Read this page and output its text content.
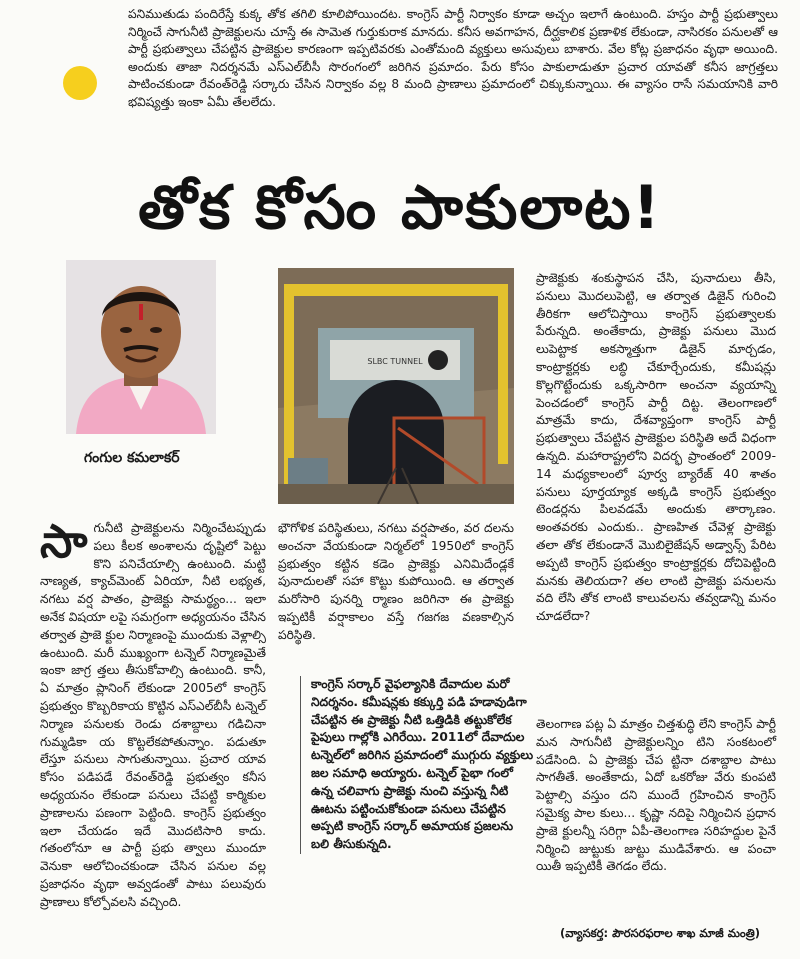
పనిముతుడు పందిరేస్తే కుక్క తోక తగిలి కూలిపోయిందట. కాంగ్రెస్ పార్టీ నిర్వాకం కూడా అచ్చం ఇలాగే ఉంటుంది. హస్తం పార్టీ ప్రభుత్వాలు నిర్మించే సాగునీటి ప్రాజెక్టులను చూస్తే ఈ సామెత గుర్తుకురాక మానదు. కనీస అవగాహన, దీర్ఘకాలిక ప్రణాళిక లేకుండా, నాసిరకం పనులతో ఆ పార్టీ ప్రభుత్వాలు చేపట్టిన ప్రాజెక్టుల కారణంగా ఇప్పటివరకు ఎంతోమంది వ్యక్తులు అసువులు బాశారు. వేల కోట్ల ప్రజాధనం వృథా అయింది. అందుకు తాజా నిదర్శనమే ఎస్ఎల్‌బీసీ సొరంగంలో జరిగిన ప్రమాదం. పేరు కోసం పాకులాడుతూ ప్రచార యావతో కనీస జాగ్రత్తలు పాటించకుండా రేవంత్‌రెడ్డి సర్కారు చేసిన నిర్వాకం వల్ల 8 మంది ప్రాణాలు ప్రమాదంలో చిక్కుకున్నాయి. ఈ వ్యాసం రాసే సమయానికి వారి భవిష్యత్తు ఇంకా ఏమీ తేలలేదు.
తోక కోసం పాకులాట!
గంగుల కమలాకర్
SLBC TUNNEL
సాగునీటి ప్రాజెక్టులను నిర్మించేటప్పుడు పలు కీలక అంశాలను దృష్టిలో పెట్టు కొని పనిచేయాల్సి ఉంటుంది. మట్టి నాణ్యత, క్యాచ్‌మెంట్ ఏరియా, నీటి లభ్యత, నగటు వర్ష పాతం, ప్రాజెక్టు సామర్థ్యం... ఇలా అనేక విషయా లపై సమగ్రంగా అధ్యయనం చేసిన తర్వాత ప్రాజె క్టుల నిర్మాణంపై ముందుకు వెళ్లాల్సి ఉంటుంది. మరీ ముఖ్యంగా టన్నెల్ నిర్మాణమైతే ఇంకా జాగ్ర త్తలు తీసుకోవాల్సి ఉంటుంది. కానీ, ఏ మాత్రం ప్లానింగ్ లేకుండా 2005లో కాంగ్రెస్ ప్రభుత్వం కొబ్బరికాయ కొట్టిన ఎస్ఎల్‌బీసీ టన్నెల్ నిర్మాణ పనులకు రెండు దశాబ్దాలు గడిచినా గుమ్మడికా య కొట్టలేకపోతున్నాం. పడుతూ లేస్తూ పనులు సాగుతున్నాయి. ప్రచార యావ కోసం పడిపడే రేవంత్‌రెడ్డి ప్రభుత్వం కనీస అధ్యయనం లేకుండా పనులు చేపట్టి కార్మికుల ప్రాణాలను పణంగా పెట్టింది. కాంగ్రెస్ ప్రభుత్వం ఇలా చేయడం ఇదే మొదటిసారి కాదు. గతంలోనూ ఆ పార్టీ ప్రభు త్వాలు ముందూ వెనుకా ఆలోచించకుండా చేసిన పనుల వల్ల ప్రజాధనం వృథా అవ్వడంతో పాటు పలువురు ప్రాణాలు కోల్పోవలసి వచ్చింది.

భౌగోళిక పరిస్థితులు, నగటు వర్షపాతం, వర దలను అంచనా వేయకుండా నిర్మల్‌లో 1950లో కాంగ్రెస్ ప్రభుత్వం కట్టిన కడెం ప్రాజెక్టు ఎనిమిదేండ్లకే పునాదులతో సహా కొట్టు కుపోయింది. ఆ తర్వాత మరోసారి పునర్ని ర్మాణం జరిగినా ఈ ప్రాజెక్టు ఇప్పటికీ వర్షాకాలం వస్తే గజగజ వణకాల్సిన పరిస్థితి.

కాంగ్రెస్ సర్కార్ వైఫల్యానికి దేవాదుల మరో నిదర్శనం. కమీషన్లకు కక్కుర్తి పడి హడావుడిగా చేపట్టిన ఈ ప్రాజెక్టు నీటి ఒత్తిడికి తట్టుకోలేక పైపులు గాల్లోకి ఎగిరేయి. 2011లో దేవాదుల టన్నెల్‌లో జరిగిన ప్రమాదంలో ముగ్గురు వ్యక్తులు జల సమాధి అయ్యారు. టన్నెల్ పైభా గంలో ఉన్న చలివాగు ప్రాజెక్టు నుంచి వస్తున్న నీటి ఊటను పట్టించుకోకుండా పనులు చేపట్టిన అప్పటి కాంగ్రెస్ సర్కార్ అమాయక ప్రజలను బలి తీసుకున్నది.

ప్రాజెక్టుకు శంకుస్థాపన చేసి, పునాదులు తీసి, పనులు మొదలుపెట్టి, ఆ తర్వాత డిజైన్ గురించి తీరికగా ఆలోచిస్తాయి కాంగ్రెస్ ప్రభుత్వాలకు పేరున్నది. అంతేకాదు, ప్రాజెక్టు పనులు మొద లుపెట్టాక అకస్మాత్తుగా డిజైన్ మార్చడం, కాంట్రాక్టర్లకు లబ్ధి చేకూర్చేందుకు, కమీషన్లు కొల్లగొట్టేందుకు ఒక్కసారిగా అంచనా వ్యయాన్ని పెంచడంలో కాంగ్రెస్ పార్టీ దిట్ట. తెలంగాణలో మాత్రమే కాదు, దేశవ్యాప్తంగా కాంగ్రెస్ పార్టీ ప్రభుత్వాలు చేపట్టిన ప్రాజెక్టుల పరిస్థితి అదే విధంగా ఉన్నది. మహారాష్ట్రలోని విదర్భ ప్రాంతంలో 2009-14 మధ్యకాలంలో పూర్వ బ్యారేజ్ 40 శాతం పనులు పూర్తయ్యాక అక్కడి కాంగ్రెస్ ప్రభుత్వం టెండర్లను పిలవడమే అందుకు తార్కాణం. అంతవరకు ఎందుకు.. ప్రాణహిత చేవెళ్ల ప్రాజెక్టు తలా తోక లేకుండానే మొబిలైజేషన్ అడ్వాన్స్ పేరిట అప్పటి కాంగ్రెస్ ప్రభుత్వం కాంట్రాక్టర్లకు దోచిపెట్టింది మనకు తెలియదా? తల లాంటి ప్రాజెక్టు పనులను వది లేసి తోక లాంటి కాలువలను తవ్వడాన్ని మనం చూడలేదా?

తెలంగాణ పట్ల ఏ మాత్రం చిత్తశుద్ధి లేని కాంగ్రెస్ పార్టీ మన సాగునీటి ప్రాజెక్టులన్నిం టిని సంకటంలో పడేసింది. ఏ ప్రాజెక్టు చేప ట్టినా దశాబ్దాల పాటు సాగతీతే. అంతేకాదు, ఏదో ఒకరోజు వేరు కుంపటి పెట్టాల్సి వస్తుం దని ముందే గ్రహించిన కాంగ్రెస్ సమైక్య పాల కులు... కృష్ణా నదిపై నిర్మించిన ప్రధాన ప్రాజె క్టులన్నీ సరిగ్గా ఏపీ-తెలంగాణ సరిహద్దుల పైనే నిర్మించి జుట్టుకు జుట్టు ముడివేశారు. ఆ పంచా యితీ ఇప్పటికీ తెగడం లేదు.

(వ్యాసకర్త: పౌరసరఫరాల శాఖ మాజీ మంత్రి)
